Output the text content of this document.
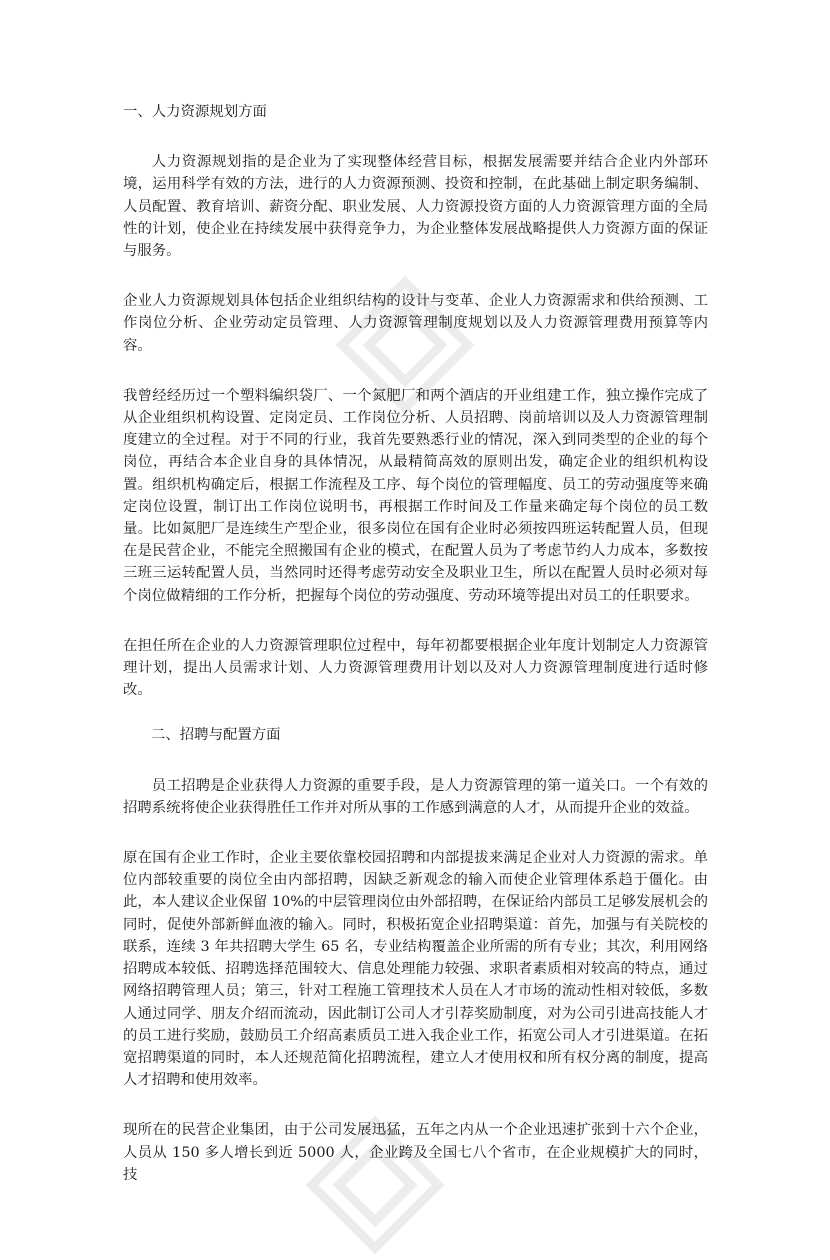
一、人力资源规划方面

人力资源规划指的是企业为了实现整体经营目标，根据发展需要并结合企业内外部环境，运用科学有效的方法，进行的人力资源预测、投资和控制，在此基础上制定职务编制、人员配置、教育培训、薪资分配、职业发展、人力资源投资方面的人力资源管理方面的全局性的计划，使企业在持续发展中获得竞争力，为企业整体发展战略提供人力资源方面的保证与服务。

企业人力资源规划具体包括企业组织结构的设计与变革、企业人力资源需求和供给预测、工作岗位分析、企业劳动定员管理、人力资源管理制度规划以及人力资源管理费用预算等内容。

我曾经经历过一个塑料编织袋厂、一个氮肥厂和两个酒店的开业组建工作，独立操作完成了从企业组织机构设置、定岗定员、工作岗位分析、人员招聘、岗前培训以及人力资源管理制度建立的全过程。对于不同的行业，我首先要熟悉行业的情况，深入到同类型的企业的每个岗位，再结合本企业自身的具体情况，从最精简高效的原则出发，确定企业的组织机构设置。组织机构确定后，根据工作流程及工序、每个岗位的管理幅度、员工的劳动强度等来确定岗位设置，制订出工作岗位说明书，再根据工作时间及工作量来确定每个岗位的员工数量。比如氮肥厂是连续生产型企业，很多岗位在国有企业时必须按四班运转配置人员，但现在是民营企业，不能完全照搬国有企业的模式，在配置人员为了考虑节约人力成本，多数按三班三运转配置人员，当然同时还得考虑劳动安全及职业卫生，所以在配置人员时必须对每个岗位做精细的工作分析，把握每个岗位的劳动强度、劳动环境等提出对员工的任职要求。

在担任所在企业的人力资源管理职位过程中，每年初都要根据企业年度计划制定人力资源管理计划，提出人员需求计划、人力资源管理费用计划以及对人力资源管理制度进行适时修改。

二、招聘与配置方面

员工招聘是企业获得人力资源的重要手段，是人力资源管理的第一道关口。一个有效的招聘系统将使企业获得胜任工作并对所从事的工作感到满意的人才，从而提升企业的效益。

原在国有企业工作时，企业主要依靠校园招聘和内部提拔来满足企业对人力资源的需求。单位内部较重要的岗位全由内部招聘，因缺乏新观念的输入而使企业管理体系趋于僵化。由此，本人建议企业保留 10%的中层管理岗位由外部招聘，在保证给内部员工足够发展机会的同时，促使外部新鲜血液的输入。同时，积极拓宽企业招聘渠道：首先，加强与有关院校的联系，连续 3 年共招聘大学生 65 名，专业结构覆盖企业所需的所有专业；其次，利用网络招聘成本较低、招聘选择范围较大、信息处理能力较强、求职者素质相对较高的特点，通过网络招聘管理人员；第三，针对工程施工管理技术人员在人才市场的流动性相对较低，多数人通过同学、朋友介绍而流动，因此制订公司人才引荐奖励制度，对为公司引进高技能人才的员工进行奖励，鼓励员工介绍高素质员工进入我企业工作，拓宽公司人才引进渠道。在拓宽招聘渠道的同时，本人还规范简化招聘流程，建立人才使用权和所有权分离的制度，提高人才招聘和使用效率。

现所在的民营企业集团，由于公司发展迅猛，五年之内从一个企业迅速扩张到十六个企业，人员从 150 多人增长到近 5000 人，企业跨及全国七八个省市，在企业规模扩大的同时，技
